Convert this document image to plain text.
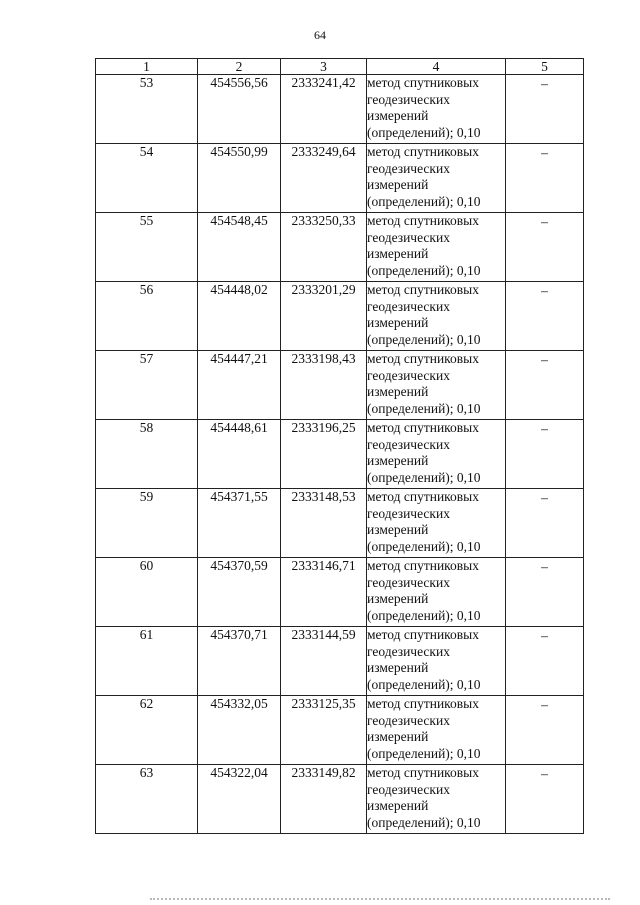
64
1	2	3	4	5
53	454556,56	2333241,42	метод спутниковых геодезических измерений (определений); 0,10	–
54	454550,99	2333249,64	метод спутниковых геодезических измерений (определений); 0,10	–
55	454548,45	2333250,33	метод спутниковых геодезических измерений (определений); 0,10	–
56	454448,02	2333201,29	метод спутниковых геодезических измерений (определений); 0,10	–
57	454447,21	2333198,43	метод спутниковых геодезических измерений (определений); 0,10	–
58	454448,61	2333196,25	метод спутниковых геодезических измерений (определений); 0,10	–
59	454371,55	2333148,53	метод спутниковых геодезических измерений (определений); 0,10	–
60	454370,59	2333146,71	метод спутниковых геодезических измерений (определений); 0,10	–
61	454370,71	2333144,59	метод спутниковых геодезических измерений (определений); 0,10	–
62	454332,05	2333125,35	метод спутниковых геодезических измерений (определений); 0,10	–
63	454322,04	2333149,82	метод спутниковых геодезических измерений (определений); 0,10	–
